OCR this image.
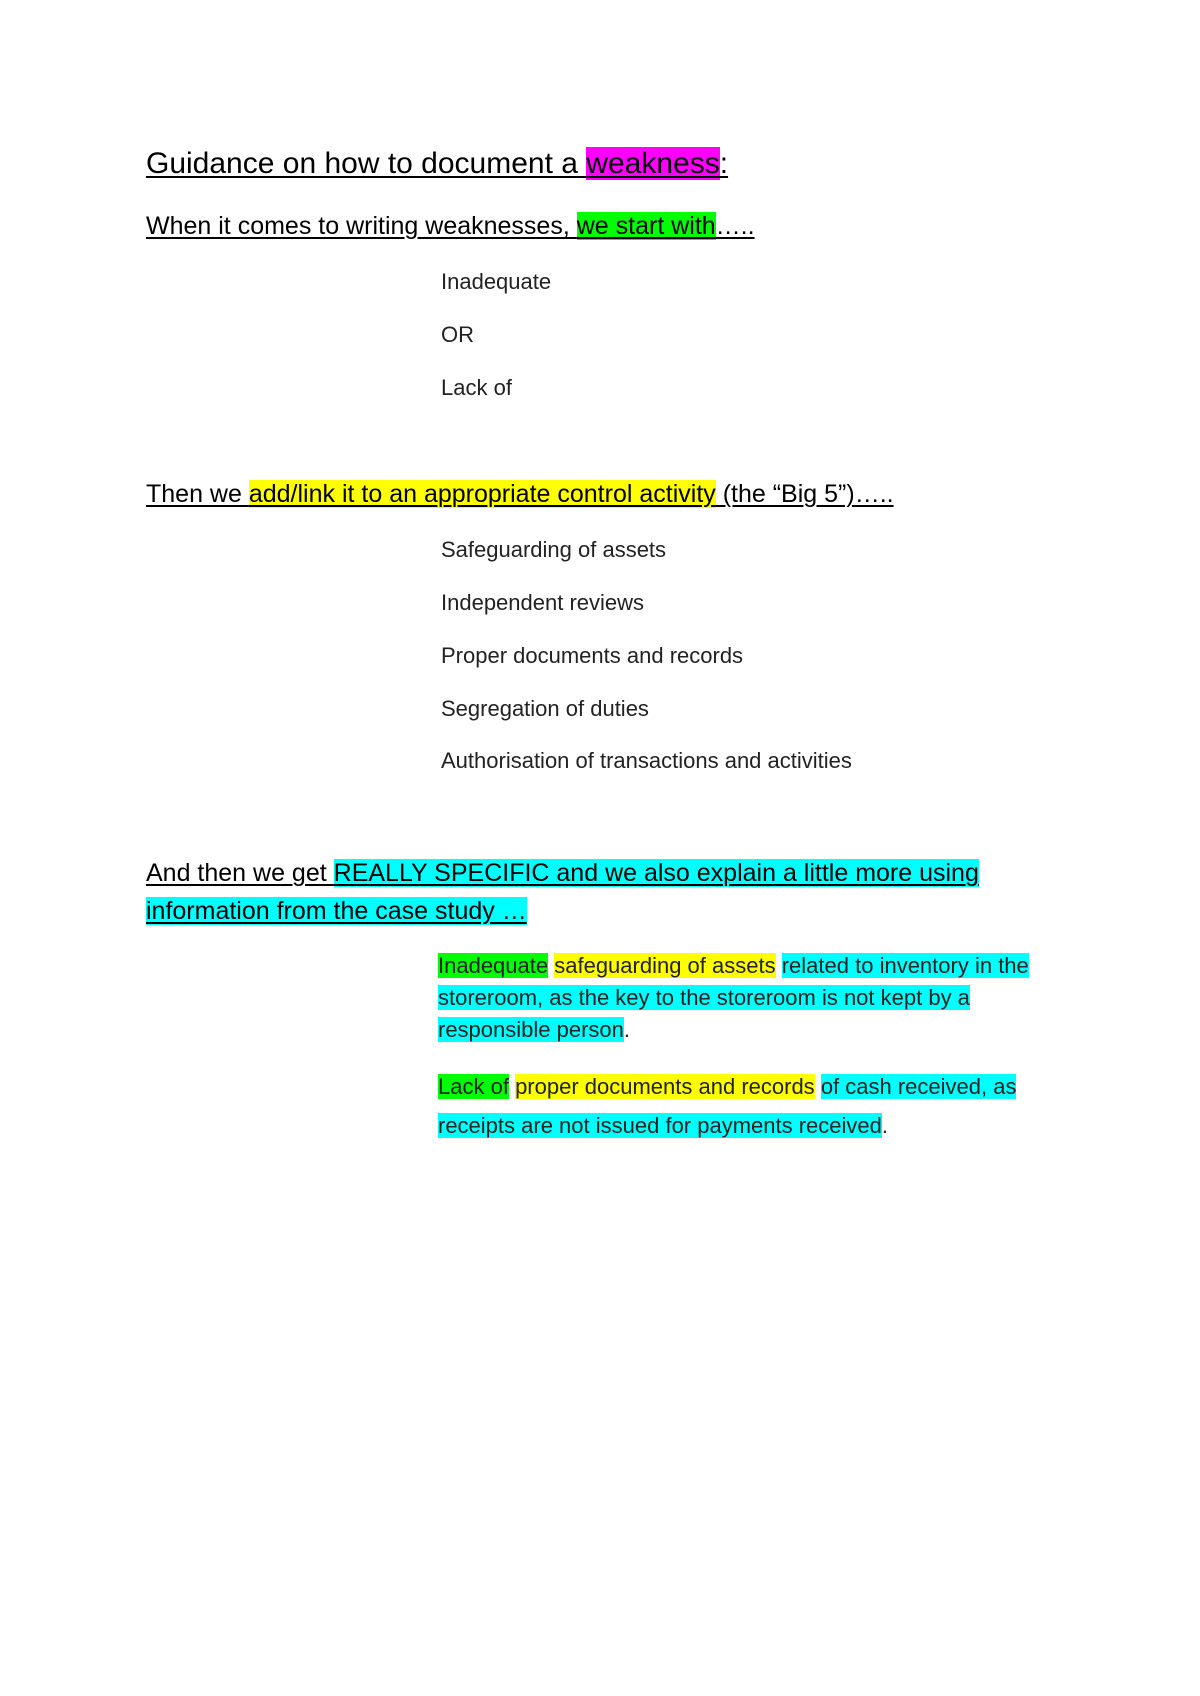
Guidance on how to document a weakness:
When it comes to writing weaknesses, we start with…..
Inadequate
OR
Lack of
Then we add/link it to an appropriate control activity (the “Big 5”)…..
Safeguarding of assets
Independent reviews
Proper documents and records
Segregation of duties
Authorisation of transactions and activities
And then we get REALLY SPECIFIC and we also explain a little more using information from the case study …
Inadequate safeguarding of assets related to inventory in the storeroom, as the key to the storeroom is not kept by a responsible person.
Lack of proper documents and records of cash received, as receipts are not issued for payments received.
